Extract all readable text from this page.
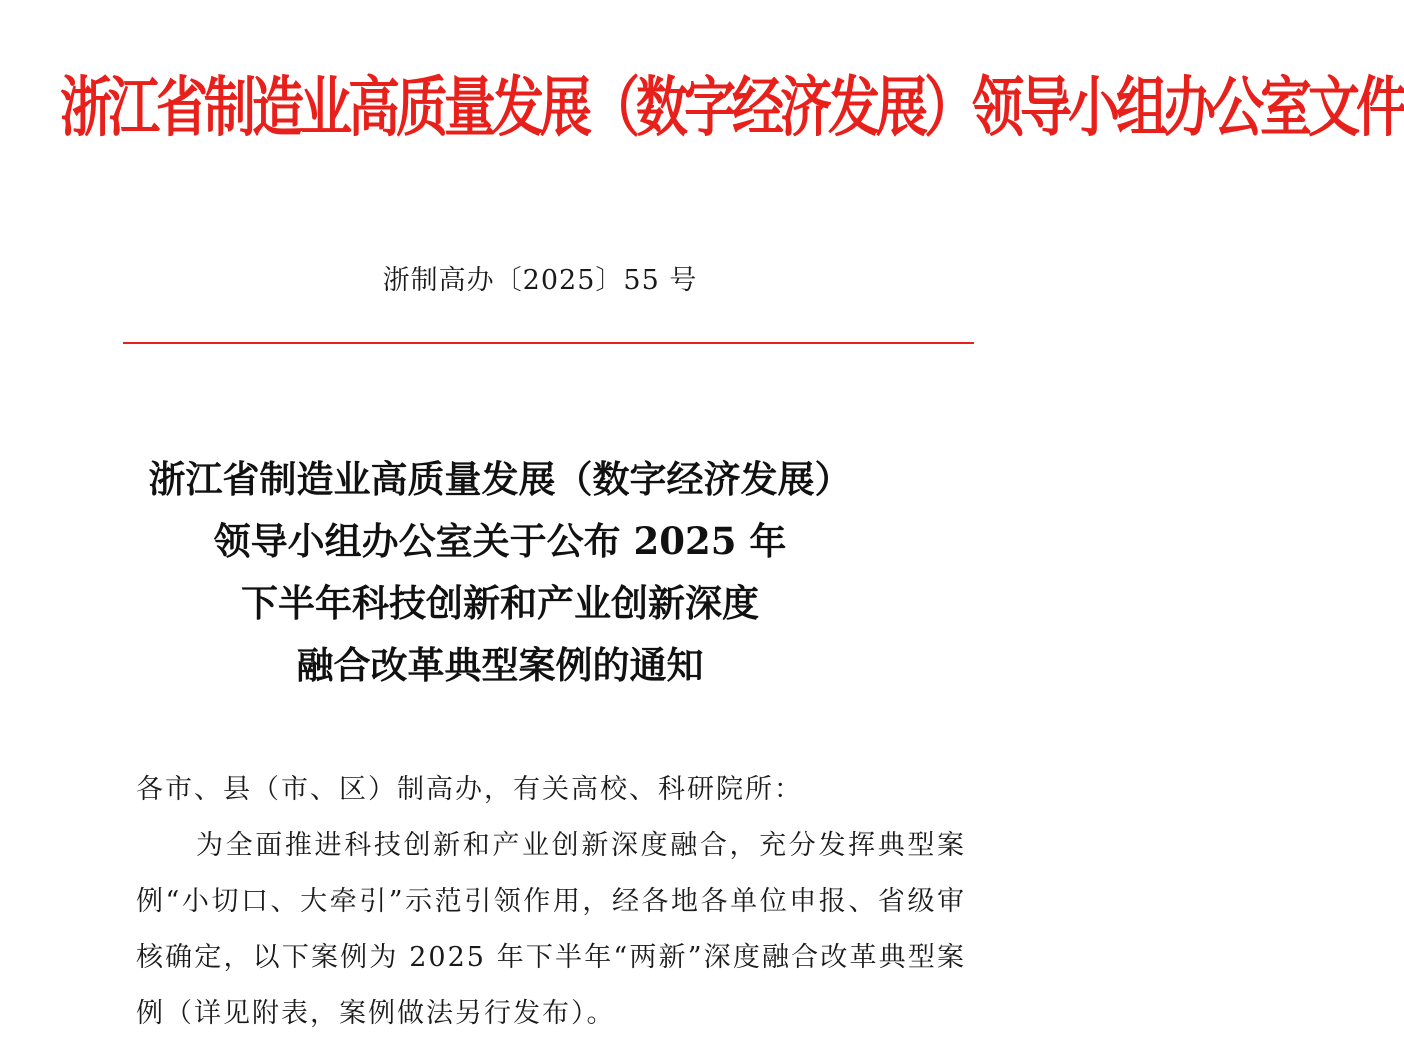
浙江省制造业高质量发展（数字经济发展）领导小组办公室文件
浙制高办〔2025〕55 号
浙江省制造业高质量发展（数字经济发展）
领导小组办公室关于公布 2025 年
下半年科技创新和产业创新深度
融合改革典型案例的通知
各市、县（市、区）制高办，有关高校、科研院所：
为全面推进科技创新和产业创新深度融合，充分发挥典型案例“小切口、大牵引”示范引领作用，经各地各单位申报、省级审核确定，以下案例为 2025 年下半年“两新”深度融合改革典型案例（详见附表，案例做法另行发布）。
